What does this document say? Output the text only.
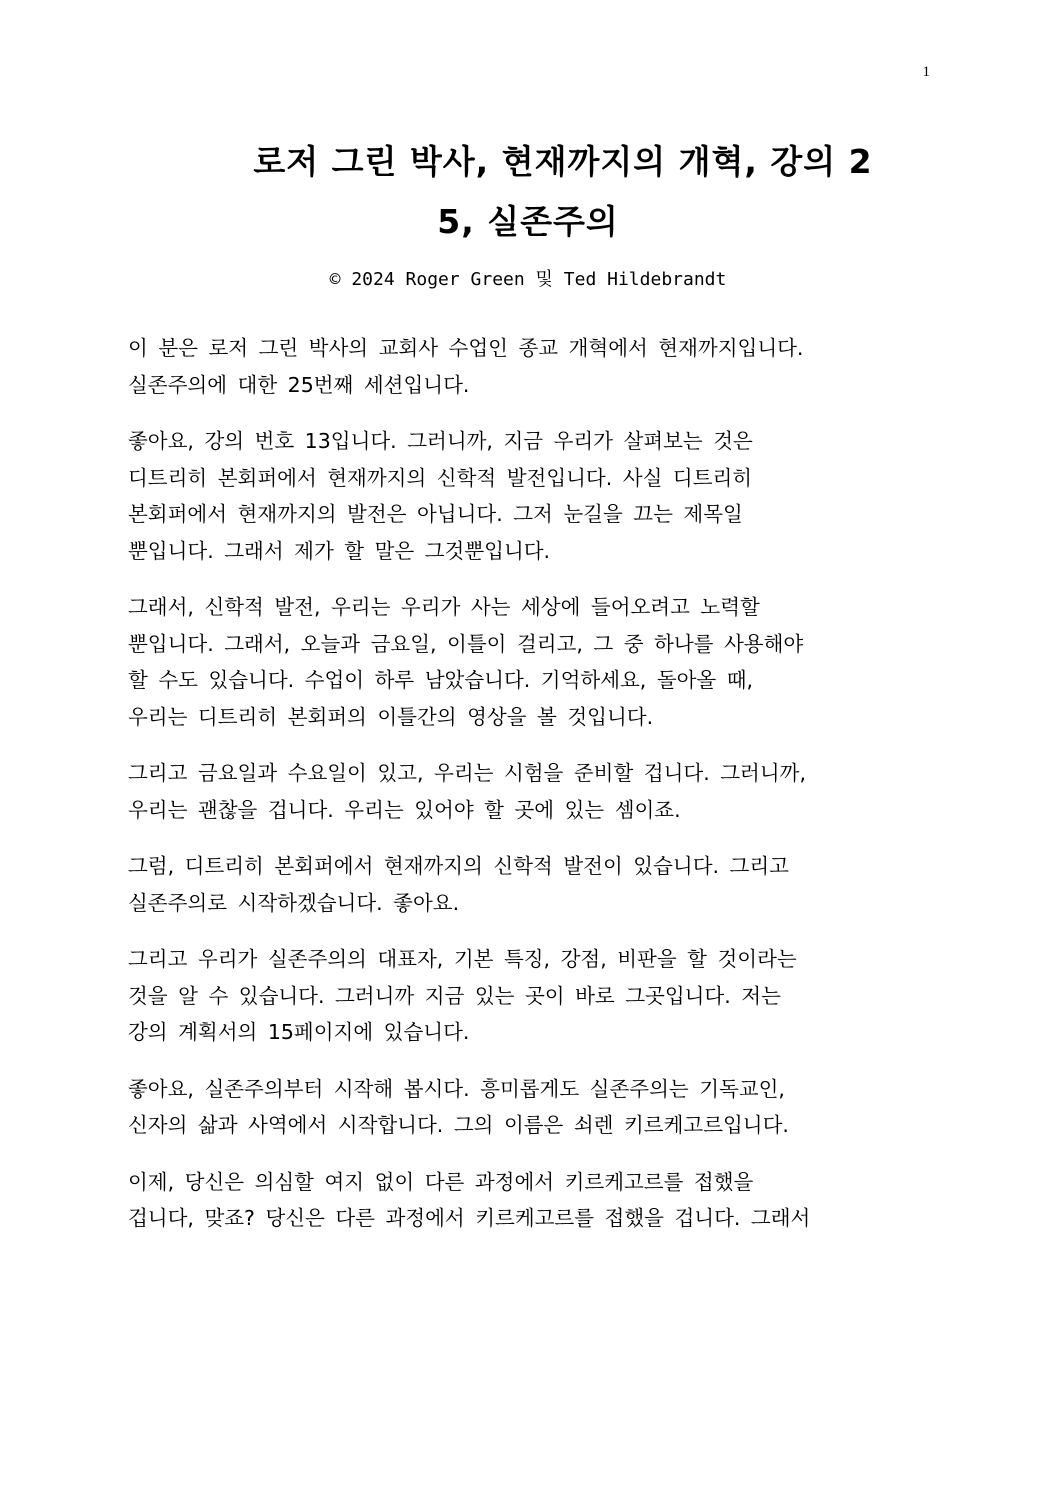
1
로저 그린 박사, 현재까지의 개혁, 강의 2
5, 실존주의
© 2024 Roger Green 및 Ted Hildebrandt

이 분은 로저 그린 박사의 교회사 수업인 종교 개혁에서 현재까지입니다.
실존주의에 대한 25번째 세션입니다.

좋아요, 강의 번호 13입니다. 그러니까, 지금 우리가 살펴보는 것은
디트리히 본회퍼에서 현재까지의 신학적 발전입니다. 사실 디트리히
본회퍼에서 현재까지의 발전은 아닙니다. 그저 눈길을 끄는 제목일
뿐입니다. 그래서 제가 할 말은 그것뿐입니다.

그래서, 신학적 발전, 우리는 우리가 사는 세상에 들어오려고 노력할
뿐입니다. 그래서, 오늘과 금요일, 이틀이 걸리고, 그 중 하나를 사용해야
할 수도 있습니다. 수업이 하루 남았습니다. 기억하세요, 돌아올 때,
우리는 디트리히 본회퍼의 이틀간의 영상을 볼 것입니다.

그리고 금요일과 수요일이 있고, 우리는 시험을 준비할 겁니다. 그러니까,
우리는 괜찮을 겁니다. 우리는 있어야 할 곳에 있는 셈이죠.

그럼, 디트리히 본회퍼에서 현재까지의 신학적 발전이 있습니다. 그리고
실존주의로 시작하겠습니다. 좋아요.

그리고 우리가 실존주의의 대표자, 기본 특징, 강점, 비판을 할 것이라는
것을 알 수 있습니다. 그러니까 지금 있는 곳이 바로 그곳입니다. 저는
강의 계획서의 15페이지에 있습니다.

좋아요, 실존주의부터 시작해 봅시다. 흥미롭게도 실존주의는 기독교인,
신자의 삶과 사역에서 시작합니다. 그의 이름은 쇠렌 키르케고르입니다.

이제, 당신은 의심할 여지 없이 다른 과정에서 키르케고르를 접했을
겁니다, 맞죠? 당신은 다른 과정에서 키르케고르를 접했을 겁니다. 그래서
